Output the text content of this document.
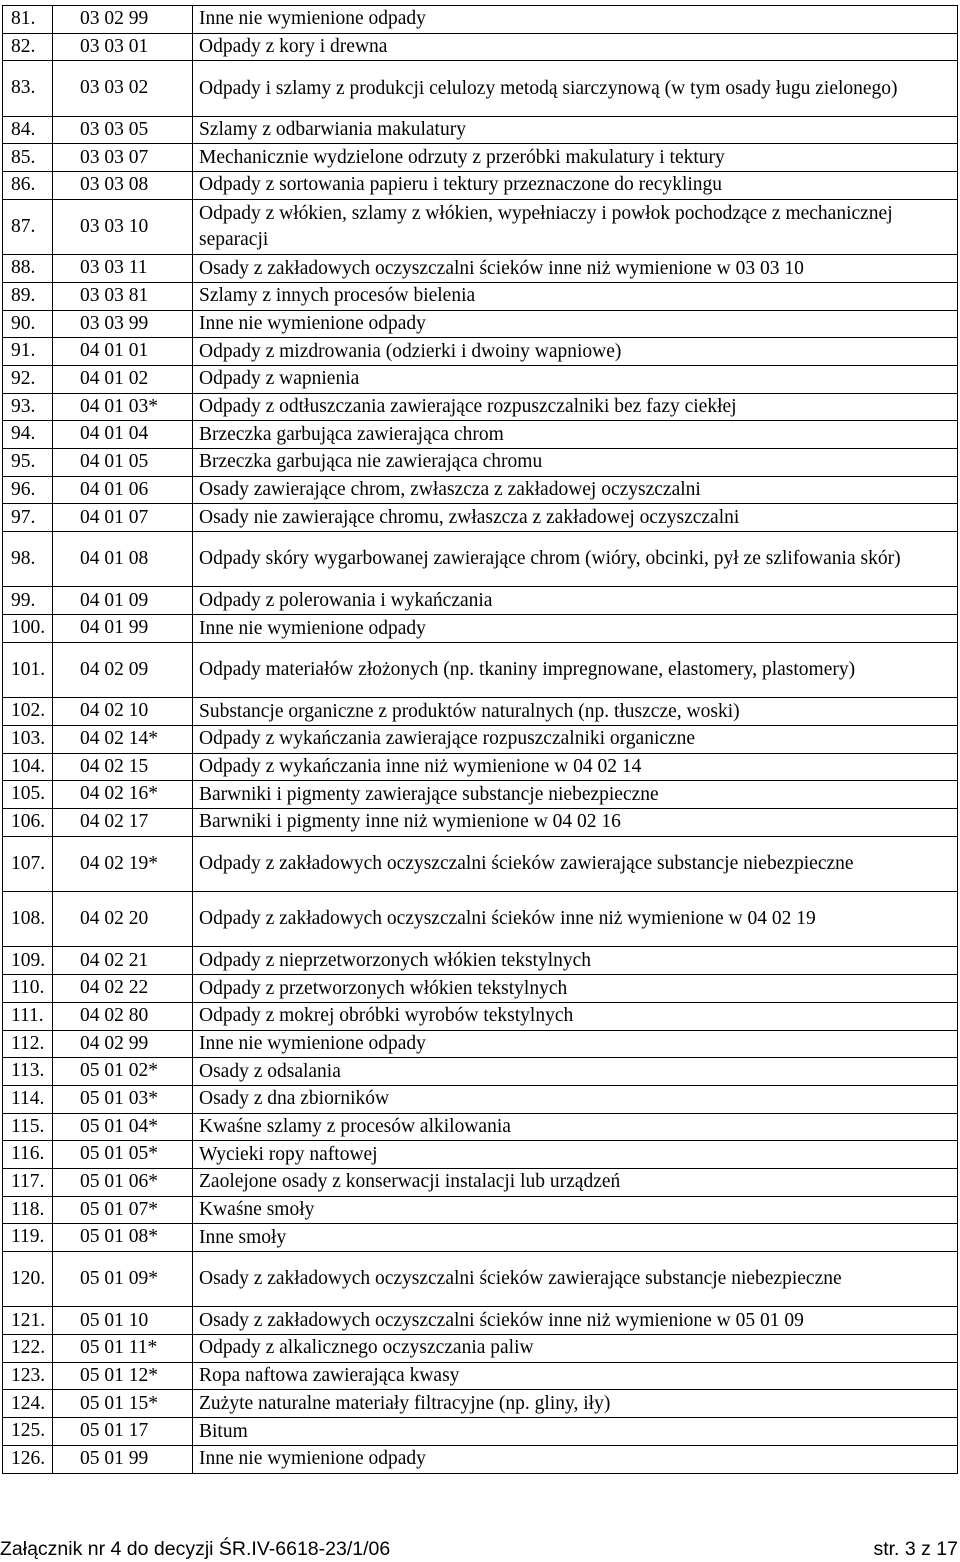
81.	03 02 99	Inne nie wymienione odpady
82.	03 03 01	Odpady z kory i drewna
83.	03 03 02	Odpady i szlamy z produkcji celulozy metodą siarczynową (w tym osady ługu zielonego)
84.	03 03 05	Szlamy z odbarwiania makulatury
85.	03 03 07	Mechanicznie wydzielone odrzuty z przeróbki makulatury i tektury
86.	03 03 08	Odpady z sortowania papieru i tektury przeznaczone do recyklingu
87.	03 03 10	Odpady z włókien, szlamy z włókien, wypełniaczy i powłok pochodzące z mechanicznej separacji
88.	03 03 11	Osady z zakładowych oczyszczalni ścieków inne niż wymienione w 03 03 10
89.	03 03 81	Szlamy z innych procesów bielenia
90.	03 03 99	Inne nie wymienione odpady
91.	04 01 01	Odpady z mizdrowania (odzierki i dwoiny wapniowe)
92.	04 01 02	Odpady z wapnienia
93.	04 01 03*	Odpady z odtłuszczania zawierające rozpuszczalniki bez fazy ciekłej
94.	04 01 04	Brzeczka garbująca zawierająca chrom
95.	04 01 05	Brzeczka garbująca nie zawierająca chromu
96.	04 01 06	Osady zawierające chrom, zwłaszcza z zakładowej oczyszczalni
97.	04 01 07	Osady nie zawierające chromu, zwłaszcza z zakładowej oczyszczalni
98.	04 01 08	Odpady skóry wygarbowanej zawierające chrom (wióry, obcinki, pył ze szlifowania skór)
99.	04 01 09	Odpady z polerowania i wykańczania
100.	04 01 99	Inne nie wymienione odpady
101.	04 02 09	Odpady materiałów złożonych (np. tkaniny impregnowane, elastomery, plastomery)
102.	04 02 10	Substancje organiczne z produktów naturalnych (np. tłuszcze, woski)
103.	04 02 14*	Odpady z wykańczania zawierające rozpuszczalniki organiczne
104.	04 02 15	Odpady z wykańczania inne niż wymienione w 04 02 14
105.	04 02 16*	Barwniki i pigmenty zawierające substancje niebezpieczne
106.	04 02 17	Barwniki i pigmenty inne niż wymienione w 04 02 16
107.	04 02 19*	Odpady z zakładowych oczyszczalni ścieków zawierające substancje niebezpieczne
108.	04 02 20	Odpady z zakładowych oczyszczalni ścieków inne niż wymienione w 04 02 19
109.	04 02 21	Odpady z nieprzetworzonych włókien tekstylnych
110.	04 02 22	Odpady z przetworzonych włókien tekstylnych
111.	04 02 80	Odpady z mokrej obróbki wyrobów tekstylnych
112.	04 02 99	Inne nie wymienione odpady
113.	05 01 02*	Osady z odsalania
114.	05 01 03*	Osady z dna zbiorników
115.	05 01 04*	Kwaśne szlamy z procesów alkilowania
116.	05 01 05*	Wycieki ropy naftowej
117.	05 01 06*	Zaolejone osady z konserwacji instalacji lub urządzeń
118.	05 01 07*	Kwaśne smoły
119.	05 01 08*	Inne smoły
120.	05 01 09*	Osady z zakładowych oczyszczalni ścieków zawierające substancje niebezpieczne
121.	05 01 10	Osady z zakładowych oczyszczalni ścieków inne niż wymienione w 05 01 09
122.	05 01 11*	Odpady z alkalicznego oczyszczania paliw
123.	05 01 12*	Ropa naftowa zawierająca kwasy
124.	05 01 15*	Zużyte naturalne materiały filtracyjne (np. gliny, iły)
125.	05 01 17	Bitum
126.	05 01 99	Inne nie wymienione odpady
Załącznik nr 4 do decyzji ŚR.IV-6618-23/1/06	str. 3 z 17
